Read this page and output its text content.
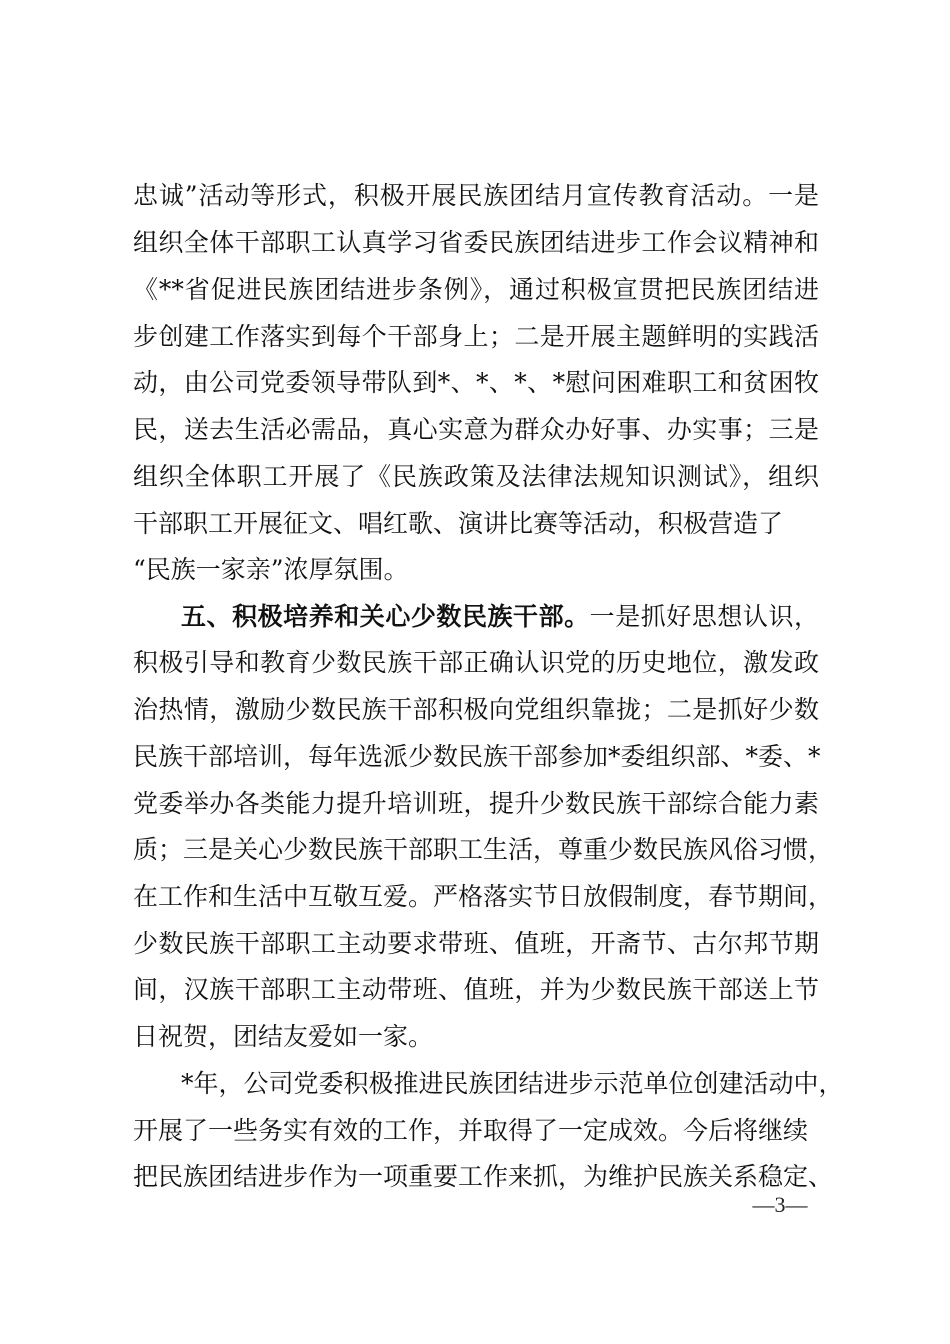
忠诚”活动等形式，积极开展民族团结月宣传教育活动。一是
组织全体干部职工认真学习省委民族团结进步工作会议精神和
《**省促进民族团结进步条例》，通过积极宣贯把民族团结进
步创建工作落实到每个干部身上；二是开展主题鲜明的实践活
动，由公司党委领导带队到*、*、*、*慰问困难职工和贫困牧
民，送去生活必需品，真心实意为群众办好事、办实事；三是
组织全体职工开展了《民族政策及法律法规知识测试》，组织
干部职工开展征文、唱红歌、演讲比赛等活动，积极营造了
“民族一家亲”浓厚氛围。
五、积极培养和关心少数民族干部。一是抓好思想认识，
积极引导和教育少数民族干部正确认识党的历史地位，激发政
治热情，激励少数民族干部积极向党组织靠拢；二是抓好少数
民族干部培训，每年选派少数民族干部参加*委组织部、*委、*
党委举办各类能力提升培训班，提升少数民族干部综合能力素
质；三是关心少数民族干部职工生活，尊重少数民族风俗习惯，
在工作和生活中互敬互爱。严格落实节日放假制度，春节期间，
少数民族干部职工主动要求带班、值班，开斋节、古尔邦节期
间，汉族干部职工主动带班、值班，并为少数民族干部送上节
日祝贺，团结友爱如一家。
*年，公司党委积极推进民族团结进步示范单位创建活动中，
开展了一些务实有效的工作，并取得了一定成效。今后将继续
把民族团结进步作为一项重要工作来抓，为维护民族关系稳定、
—3—
